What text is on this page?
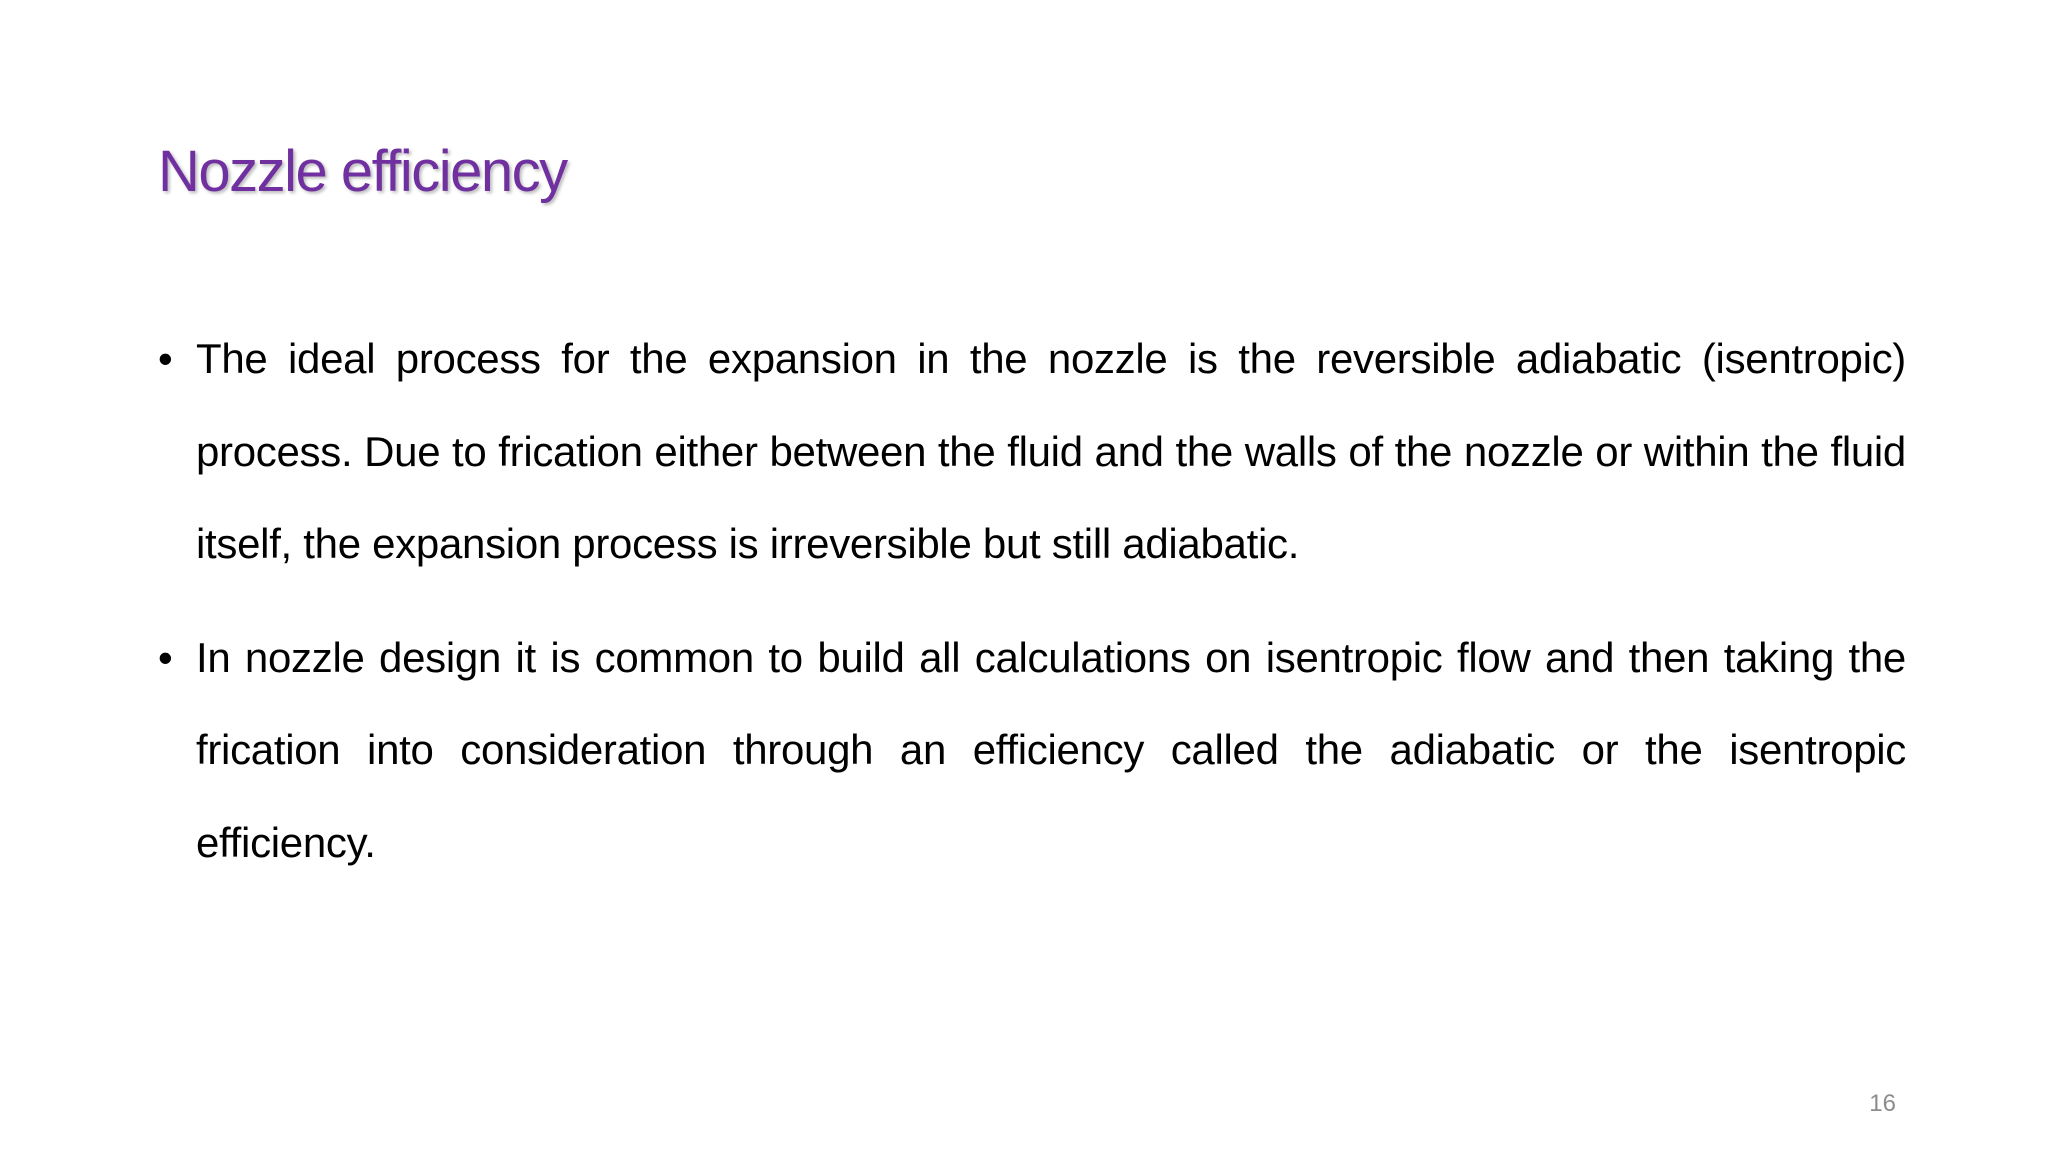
Nozzle efficiency
• The ideal process for the expansion in the nozzle is the reversible adiabatic (isentropic) process. Due to frication either between the fluid and the walls of the nozzle or within the fluid itself, the expansion process is irreversible but still adiabatic.
• In nozzle design it is common to build all calculations on isentropic flow and then taking the frication into consideration through an efficiency called the adiabatic or the isentropic efficiency.
16
